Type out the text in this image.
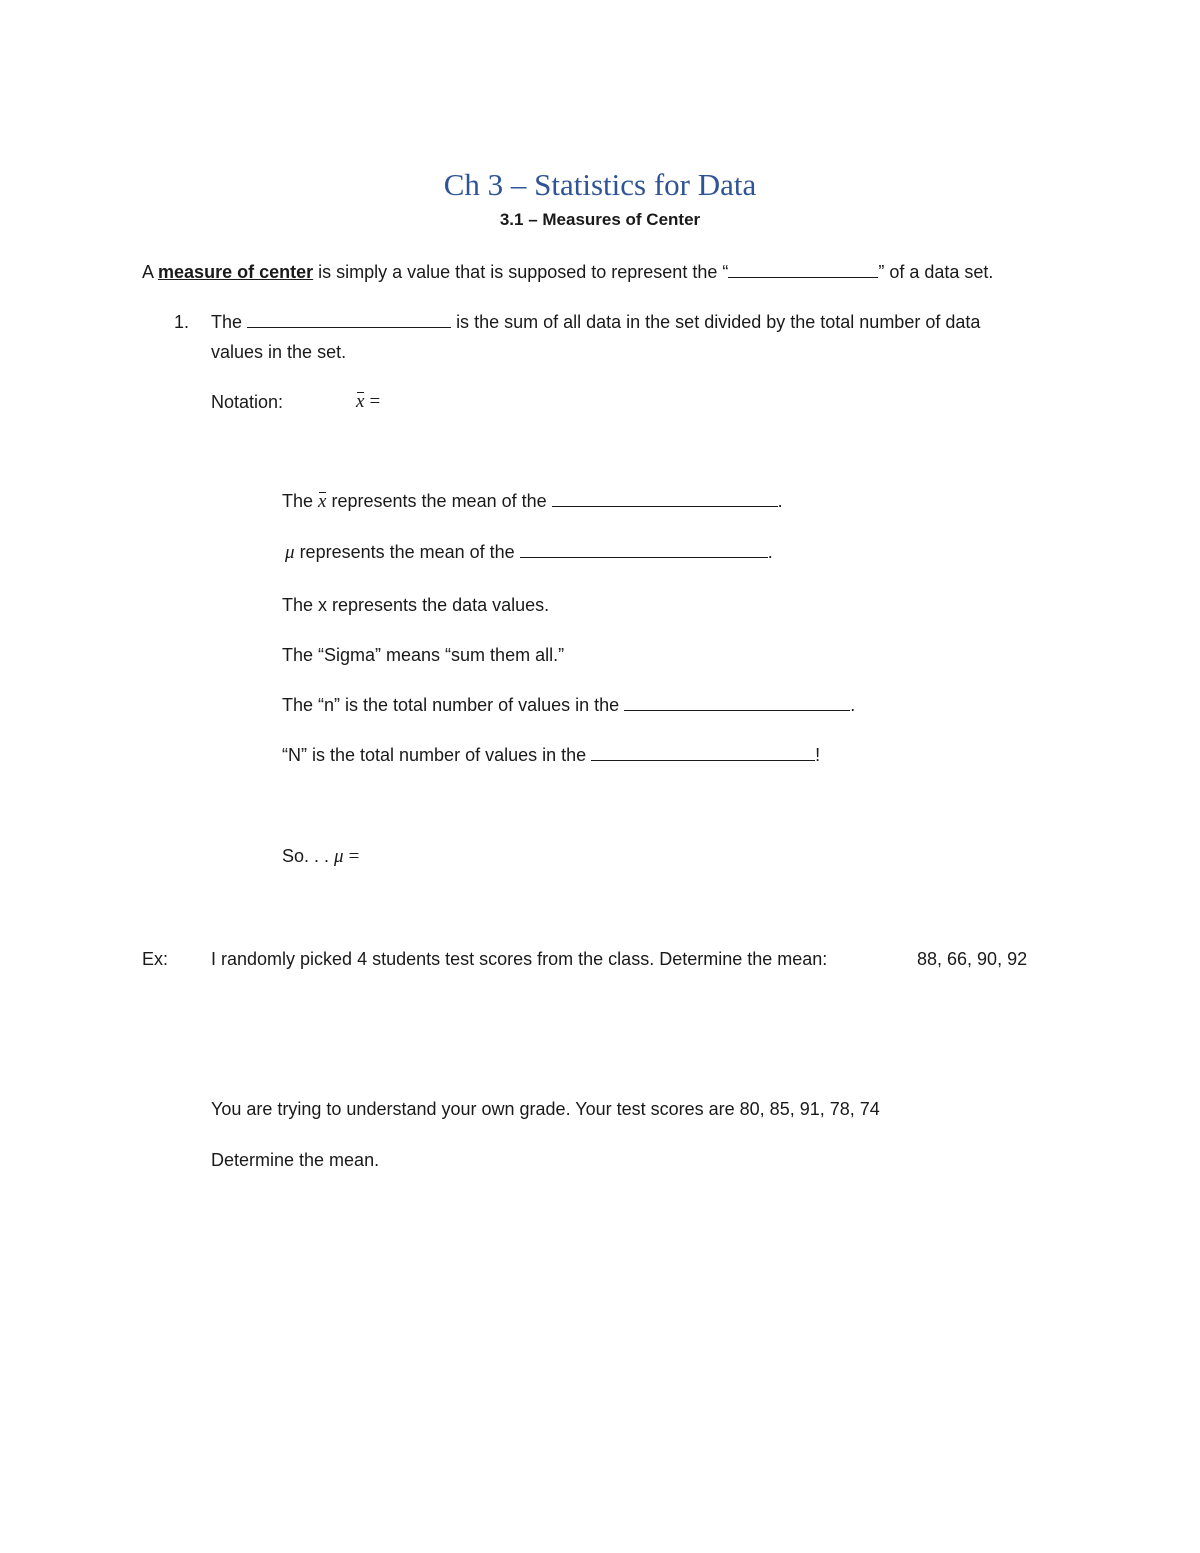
Ch 3 – Statistics for Data
3.1 – Measures of Center
A measure of center is simply a value that is supposed to represent the “	” of a data set.
1. The	is the sum of all data in the set divided by the total number of data
values in the set.
Notation:	x =
The x represents the mean of the	.
μ represents the mean of the	.
The x represents the data values.
The “Sigma” means “sum them all.”
The “n” is the total number of values in the	.
“N” is the total number of values in the	!
So. . . μ =
Ex: I randomly picked 4 students test scores from the class. Determine the mean:	88, 66, 90, 92
You are trying to understand your own grade. Your test scores are 80, 85, 91, 78, 74
Determine the mean.
